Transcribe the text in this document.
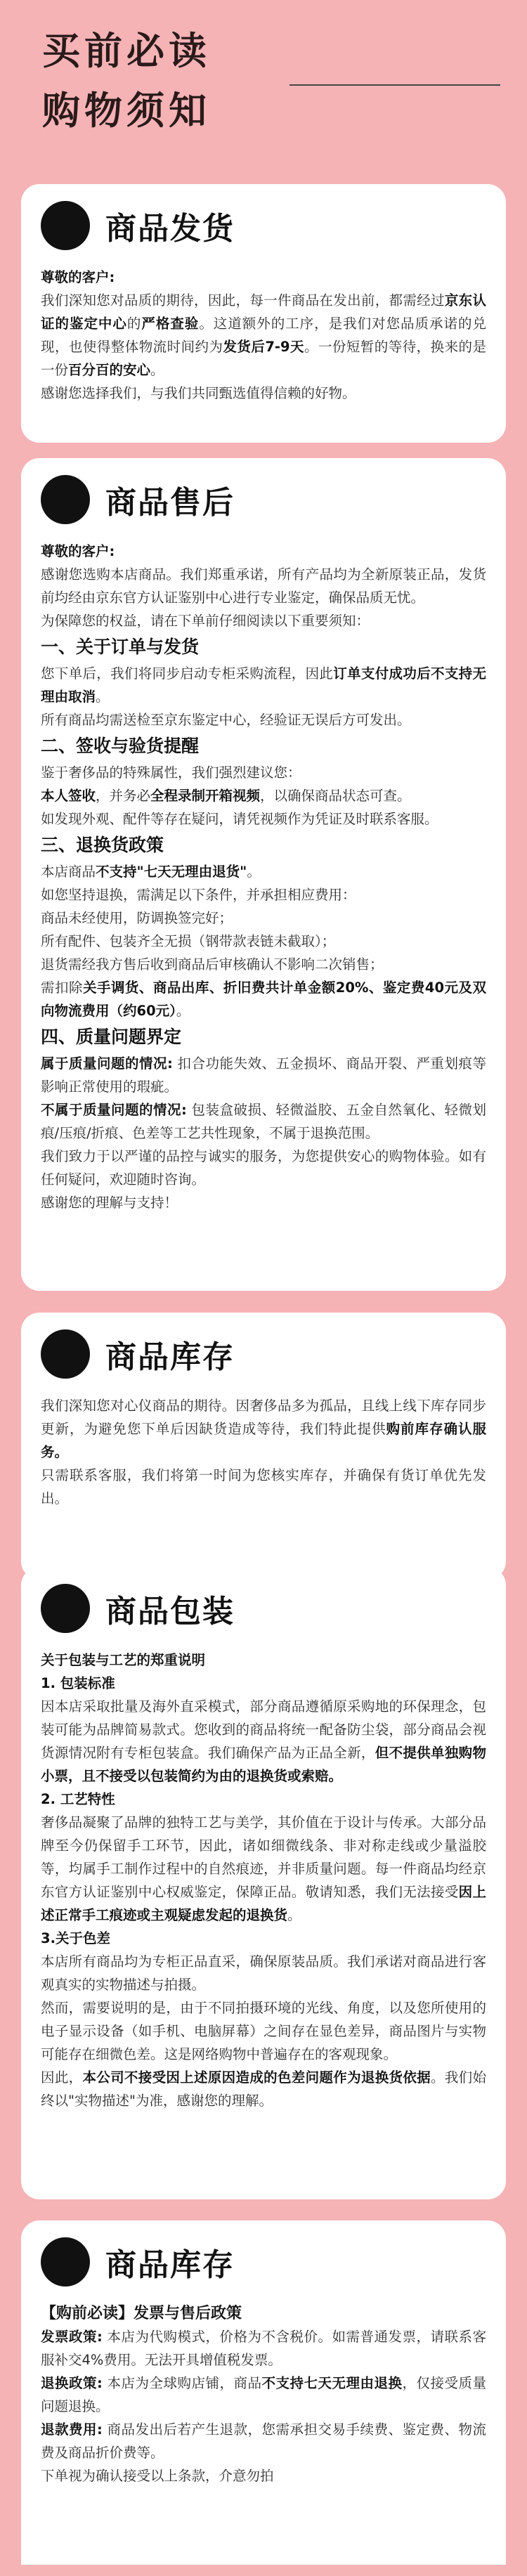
买前必读
购物须知
商品发货

尊敬的客户:

我们深知您对品质的期待，因此，每一件商品在发出前，都需经过京东认证的鉴定中心的严格查验。这道额外的工序，是我们对您品质承诺的兑现，也使得整体物流时间约为发货后7-9天。一份短暂的等待，换来的是一份百分百的安心。

感谢您选择我们，与我们共同甄选值得信赖的好物。

商品售后

尊敬的客户:

感谢您选购本店商品。我们郑重承诺，所有产品均为全新原装正品，发货前均经由京东官方认证鉴别中心进行专业鉴定，确保品质无忧。

为保障您的权益，请在下单前仔细阅读以下重要须知：

一、关于订单与发货

您下单后，我们将同步启动专柜采购流程，因此订单支付成功后不支持无理由取消。

所有商品均需送检至京东鉴定中心，经验证无误后方可发出。

二、签收与验货提醒

鉴于奢侈品的特殊属性，我们强烈建议您：

本人签收，并务必全程录制开箱视频，以确保商品状态可查。

如发现外观、配件等存在疑问，请凭视频作为凭证及时联系客服。

三、退换货政策

本店商品不支持"七天无理由退货"。

如您坚持退换，需满足以下条件，并承担相应费用：

商品未经使用，防调换签完好；

所有配件、包装齐全无损（钢带款表链未截取）；

退货需经我方售后收到商品后审核确认不影响二次销售；

需扣除关手调货、商品出库、折旧费共计单金额20%、鉴定费40元及双向物流费用（约60元）。

四、质量问题界定

属于质量问题的情况: 扣合功能失效、五金损坏、商品开裂、严重划痕等影响正常使用的瑕疵。

不属于质量问题的情况: 包装盒破损、轻微溢胶、五金自然氧化、轻微划痕/压痕/折痕、色差等工艺共性现象，不属于退换范围。

我们致力于以严谨的品控与诚实的服务，为您提供安心的购物体验。如有任何疑问，欢迎随时咨询。

感谢您的理解与支持！

商品库存

我们深知您对心仪商品的期待。因奢侈品多为孤品，且线上线下库存同步更新，为避免您下单后因缺货造成等待，我们特此提供购前库存确认服务。

只需联系客服，我们将第一时间为您核实库存，并确保有货订单优先发出。

商品包装

关于包装与工艺的郑重说明

1. 包装标准

因本店采取批量及海外直采模式，部分商品遵循原采购地的环保理念，包装可能为品牌简易款式。您收到的商品将统一配备防尘袋，部分商品会视货源情况附有专柜包装盒。我们确保产品为正品全新，但不提供单独购物小票，且不接受以包装简约为由的退换货或索赔。

2. 工艺特性

奢侈品凝聚了品牌的独特工艺与美学，其价值在于设计与传承。大部分品牌至今仍保留手工环节，因此，诸如细微线条、非对称走线或少量溢胶等，均属手工制作过程中的自然痕迹，并非质量问题。每一件商品均经京东官方认证鉴别中心权威鉴定，保障正品。敬请知悉，我们无法接受因上述正常手工痕迹或主观疑虑发起的退换货。

3.关于色差

本店所有商品均为专柜正品直采，确保原装品质。我们承诺对商品进行客观真实的实物描述与拍摄。

然而，需要说明的是，由于不同拍摄环境的光线、角度，以及您所使用的电子显示设备（如手机、电脑屏幕）之间存在显色差异，商品图片与实物可能存在细微色差。这是网络购物中普遍存在的客观现象。

因此，本公司不接受因上述原因造成的色差问题作为退换货依据。我们始终以"实物描述"为准，感谢您的理解。

商品库存

【购前必读】发票与售后政策

发票政策: 本店为代购模式，价格为不含税价。如需普通发票，请联系客服补交4%费用。无法开具增值税发票。

退换政策: 本店为全球购店铺，商品不支持七天无理由退换，仅接受质量问题退换。

退款费用: 商品发出后若产生退款，您需承担交易手续费、鉴定费、物流费及商品折价费等。

下单视为确认接受以上条款，介意勿拍
